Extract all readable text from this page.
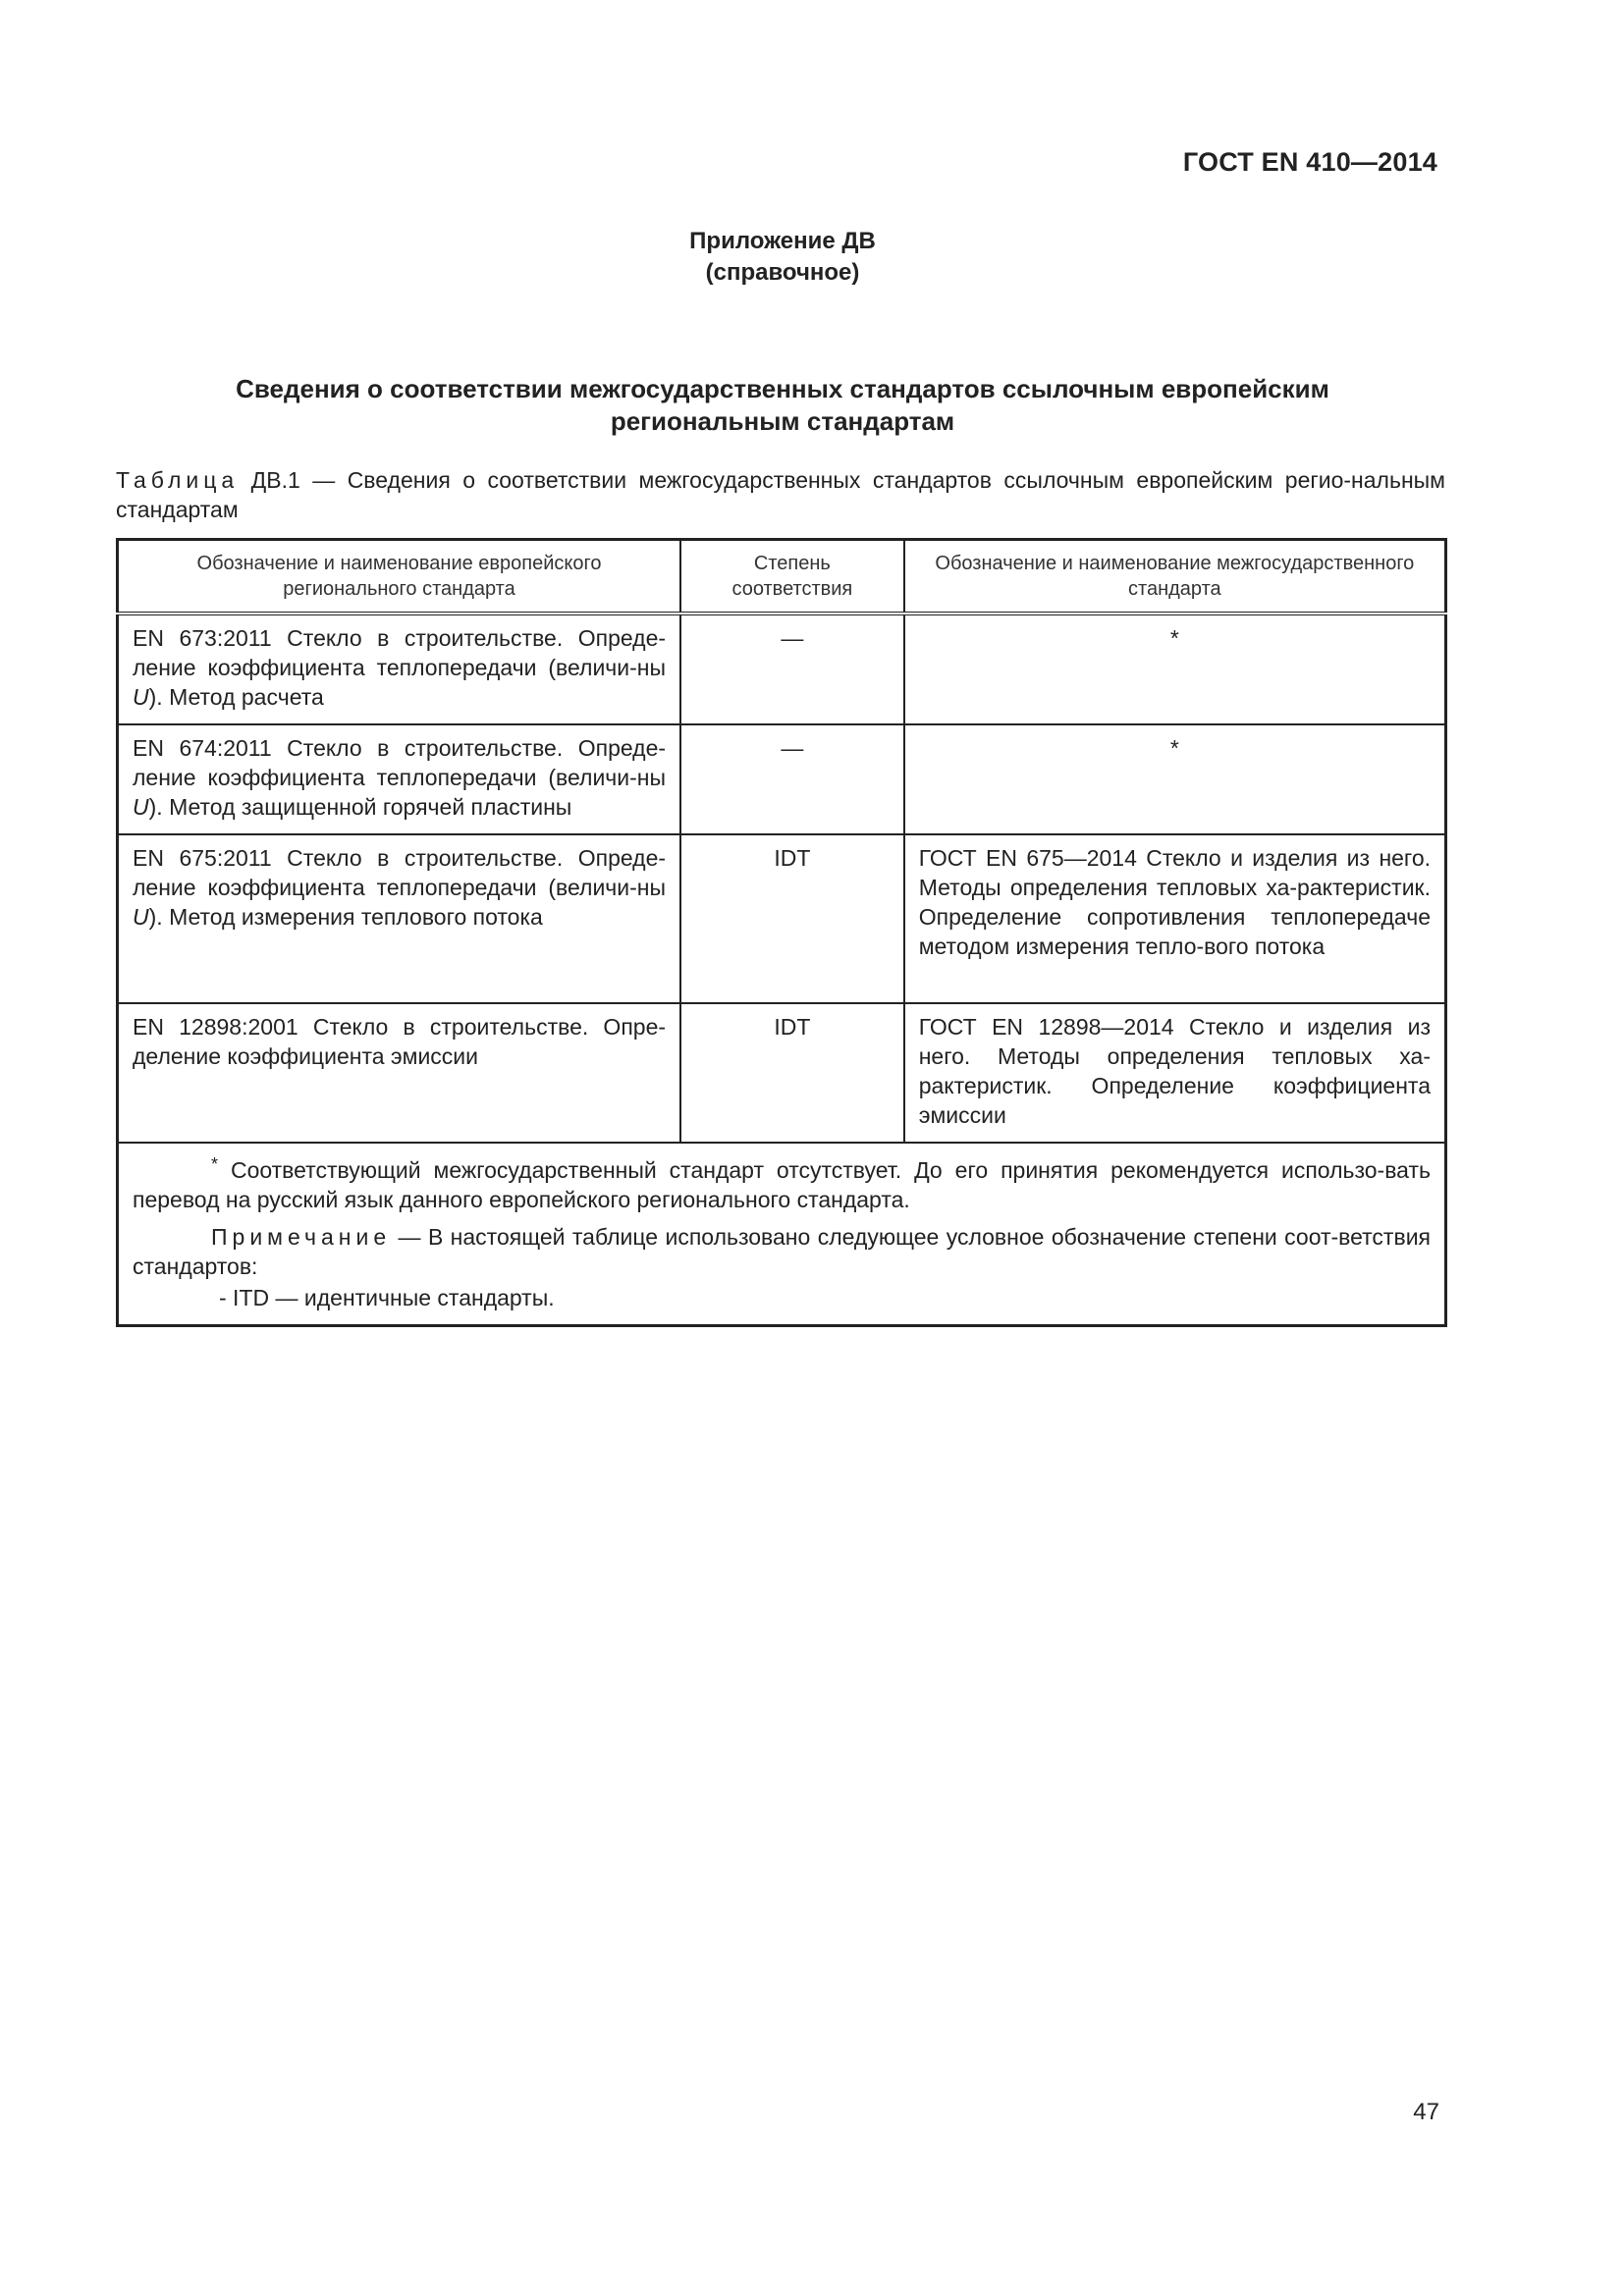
ГОСТ EN 410—2014
Приложение ДВ
(справочное)
Сведения о соответствии межгосударственных стандартов ссылочным европейским
региональным стандартам
Таблица ДВ.1 — Сведения о соответствии межгосударственных стандартов ссылочным европейским регио-нальным стандартам
Обозначение и наименование европейского регионального стандарта	Степень соответствия	Обозначение и наименование межгосударственного стандарта
EN 673:2011 Стекло в строительстве. Опреде-ление коэффициента теплопередачи (величи-ны U). Метод расчета	—	*
EN 674:2011 Стекло в строительстве. Опреде-ление коэффициента теплопередачи (величи-ны U). Метод защищенной горячей пластины	—	*
EN 675:2011 Стекло в строительстве. Опреде-ление коэффициента теплопередачи (величи-ны U). Метод измерения теплового потока	IDT	ГОСТ EN 675—2014 Стекло и изделия из него. Методы определения тепловых ха-рактеристик. Определение сопротивления теплопередаче методом измерения тепло-вого потока
EN 12898:2001 Стекло в строительстве. Опре-деление коэффициента эмиссии	IDT	ГОСТ EN 12898—2014 Стекло и изделия из него. Методы определения тепловых ха-рактеристик. Определение коэффициента эмиссии

* Соответствующий межгосударственный стандарт отсутствует. До его принятия рекомендуется использо-вать перевод на русский язык данного европейского регионального стандарта.

Примечание — В настоящей таблице использовано следующее условное обозначение степени соот-ветствия стандартов:

- ITD — идентичные стандарты.		
47
